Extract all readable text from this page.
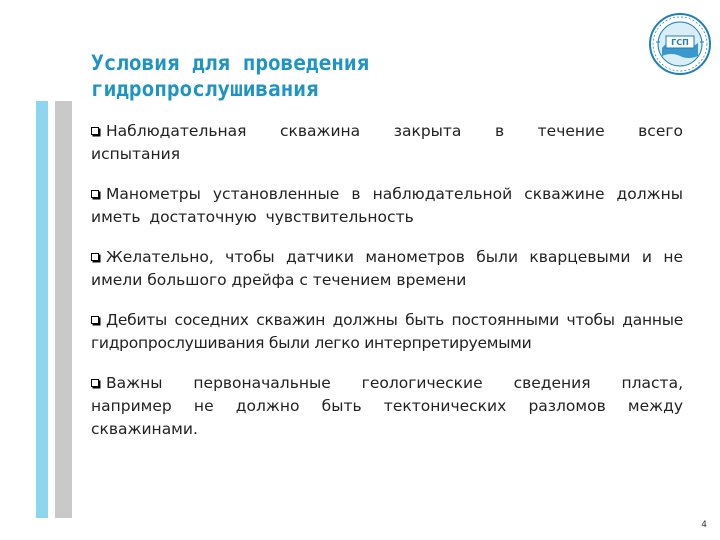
Условия для проведения
гидропрослушивания
ГСП

Наблюдательная скважина закрыта в течение всего испытания

Манометры установленные в наблюдательной скважине должны иметь достаточную чувствительность

Желательно, чтобы датчики манометров были кварцевыми и не имели большого дрейфа с течением времени

Дебиты соседних скважин должны быть постоянными чтобы данные гидропрослушивания были легко интерпретируемыми

Важны первоначальные геологические сведения пласта, например не должно быть тектонических разломов между скважинами.

4
